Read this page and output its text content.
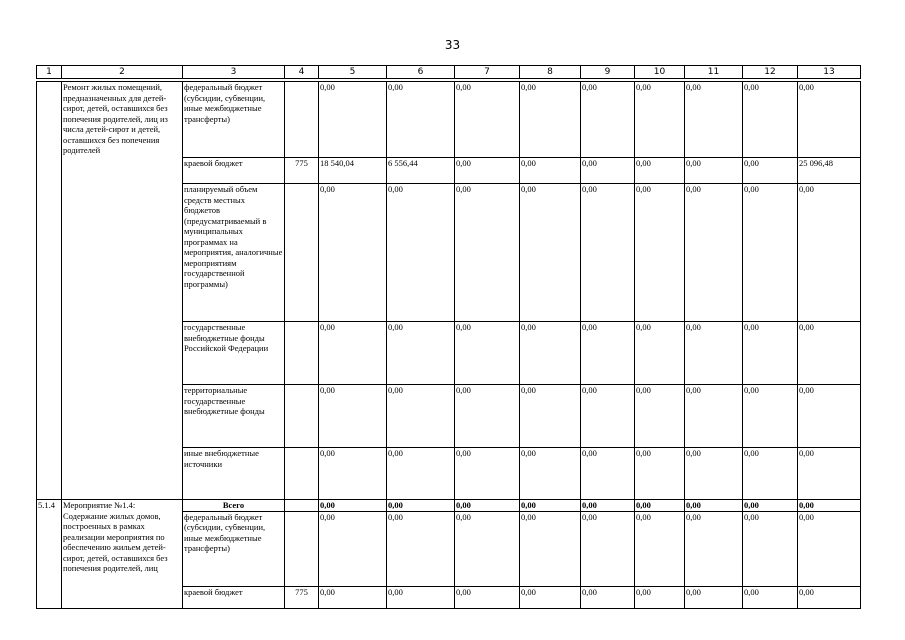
33
1	2	3	4	5	6	7	8	9	10	11	12	13
	Ремонт жилых помещений, предназначенных для детей-сирот, детей, оставшихся без попечения родителей, лиц из числа детей-сирот и детей, оставшихся без попечения родителей	федеральный бюджет (субсидии, субвенции, иные межбюджетные трансферты)		0,00	0,00	0,00	0,00	0,00	0,00	0,00	0,00	0,00
		краевой бюджет	775	18 540,04	6 556,44	0,00	0,00	0,00	0,00	0,00	0,00	25 096,48
		планируемый объем средств местных бюджетов (предусматриваемый в муниципальных программах на мероприятия, аналогичные мероприятиям государственной программы)		0,00	0,00	0,00	0,00	0,00	0,00	0,00	0,00	0,00
		государственные внебюджетные фонды Российской Федерации		0,00	0,00	0,00	0,00	0,00	0,00	0,00	0,00	0,00
		территориальные государственные внебюджетные фонды		0,00	0,00	0,00	0,00	0,00	0,00	0,00	0,00	0,00
		иные внебюджетные источники		0,00	0,00	0,00	0,00	0,00	0,00	0,00	0,00	0,00
5.1.4	Мероприятие №1.4: Содержание жилых домов, построенных в рамках реализации мероприятия по обеспечению жильем детей-сирот, детей, оставшихся без попечения родителей, лиц	Всего		0,00	0,00	0,00	0,00	0,00	0,00	0,00	0,00	0,00
		федеральный бюджет (субсидии, субвенции, иные межбюджетные трансферты)		0,00	0,00	0,00	0,00	0,00	0,00	0,00	0,00	0,00
		краевой бюджет	775	0,00	0,00	0,00	0,00	0,00	0,00	0,00	0,00	0,00
